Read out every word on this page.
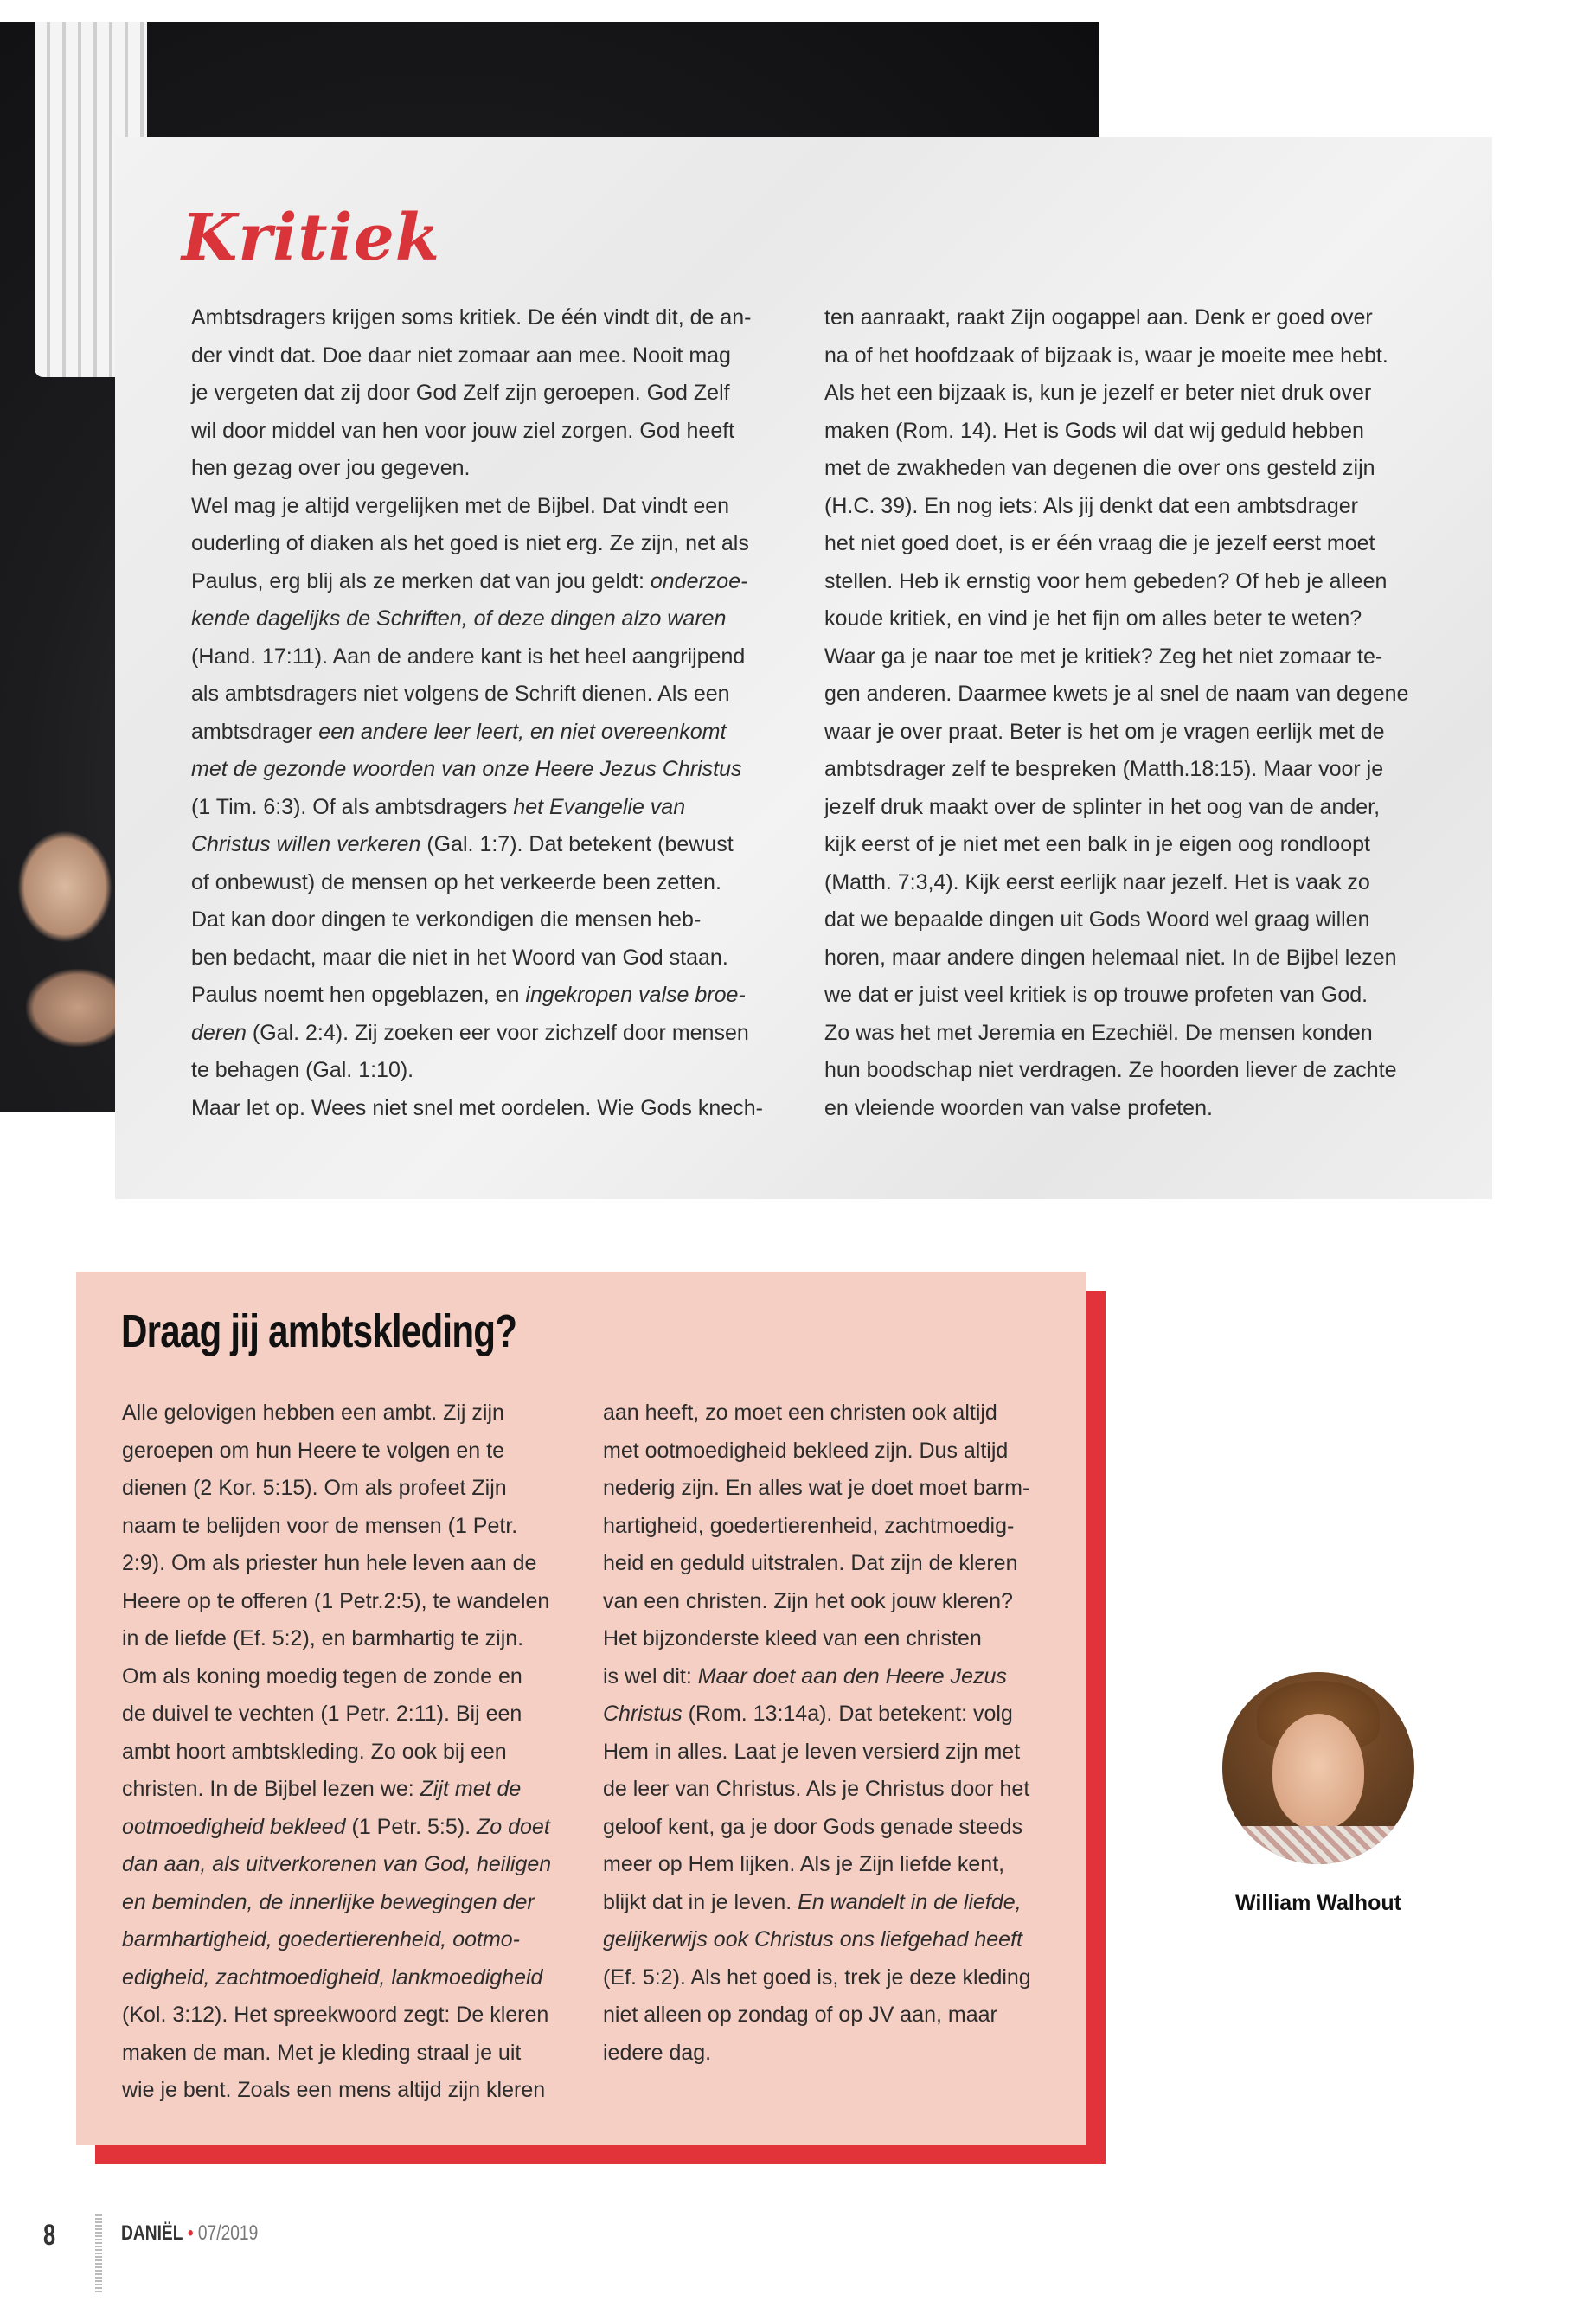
Kritiek

Ambtsdragers krijgen soms kritiek. De één vindt dit, de an-

der vindt dat. Doe daar niet zomaar aan mee. Nooit mag

je vergeten dat zij door God Zelf zijn geroepen. God Zelf

wil door middel van hen voor jouw ziel zorgen. God heeft

hen gezag over jou gegeven.

Wel mag je altijd vergelijken met de Bijbel. Dat vindt een

ouderling of diaken als het goed is niet erg. Ze zijn, net als

Paulus, erg blij als ze merken dat van jou geldt: onderzoe-

kende dagelijks de Schriften, of deze dingen alzo waren

(Hand. 17:11). Aan de andere kant is het heel aangrijpend

als ambtsdragers niet volgens de Schrift dienen. Als een

ambtsdrager een andere leer leert, en niet overeenkomt

met de gezonde woorden van onze Heere Jezus Christus

(1 Tim. 6:3). Of als ambtsdragers het Evangelie van

Christus willen verkeren (Gal. 1:7). Dat betekent (bewust

of onbewust) de mensen op het verkeerde been zetten.

Dat kan door dingen te verkondigen die mensen heb-

ben bedacht, maar die niet in het Woord van God staan.

Paulus noemt hen opgeblazen, en ingekropen valse broe-

deren (Gal. 2:4). Zij zoeken eer voor zichzelf door mensen

te behagen (Gal. 1:10).

Maar let op. Wees niet snel met oordelen. Wie Gods knech-

ten aanraakt, raakt Zijn oogappel aan. Denk er goed over

na of het hoofdzaak of bijzaak is, waar je moeite mee hebt.

Als het een bijzaak is, kun je jezelf er beter niet druk over

maken (Rom. 14). Het is Gods wil dat wij geduld hebben

met de zwakheden van degenen die over ons gesteld zijn

(H.C. 39). En nog iets: Als jij denkt dat een ambtsdrager

het niet goed doet, is er één vraag die je jezelf eerst moet

stellen. Heb ik ernstig voor hem gebeden? Of heb je alleen

koude kritiek, en vind je het fijn om alles beter te weten?

Waar ga je naar toe met je kritiek? Zeg het niet zomaar te-

gen anderen. Daarmee kwets je al snel de naam van degene

waar je over praat. Beter is het om je vragen eerlijk met de

ambtsdrager zelf te bespreken (Matth.18:15). Maar voor je

jezelf druk maakt over de splinter in het oog van de ander,

kijk eerst of je niet met een balk in je eigen oog rondloopt

(Matth. 7:3,4). Kijk eerst eerlijk naar jezelf. Het is vaak zo

dat we bepaalde dingen uit Gods Woord wel graag willen

horen, maar andere dingen helemaal niet. In de Bijbel lezen

we dat er juist veel kritiek is op trouwe profeten van God.

Zo was het met Jeremia en Ezechiël. De mensen konden

hun boodschap niet verdragen. Ze hoorden liever de zachte

en vleiende woorden van valse profeten.

Draag jij ambtskleding?

Alle gelovigen hebben een ambt. Zij zijn

geroepen om hun Heere te volgen en te

dienen (2 Kor. 5:15). Om als profeet Zijn

naam te belijden voor de mensen (1 Petr.

2:9). Om als priester hun hele leven aan de

Heere op te offeren (1 Petr.2:5), te wandelen

in de liefde (Ef. 5:2), en barmhartig te zijn.

Om als koning moedig tegen de zonde en

de duivel te vechten (1 Petr. 2:11). Bij een

ambt hoort ambtskleding. Zo ook bij een

christen. In de Bijbel lezen we: Zijt met de

ootmoedigheid bekleed (1 Petr. 5:5). Zo doet

dan aan, als uitverkorenen van God, heiligen

en beminden, de innerlijke bewegingen der

barmhartigheid, goedertierenheid, ootmo-

edigheid, zachtmoedigheid, lankmoedigheid

(Kol. 3:12). Het spreekwoord zegt: De kleren

maken de man. Met je kleding straal je uit

wie je bent. Zoals een mens altijd zijn kleren

aan heeft, zo moet een christen ook altijd

met ootmoedigheid bekleed zijn. Dus altijd

nederig zijn. En alles wat je doet moet barm-

hartigheid, goedertierenheid, zachtmoedig-

heid en geduld uitstralen. Dat zijn de kleren

van een christen. Zijn het ook jouw kleren?

Het bijzonderste kleed van een christen

is wel dit: Maar doet aan den Heere Jezus

Christus (Rom. 13:14a). Dat betekent: volg

Hem in alles. Laat je leven versierd zijn met

de leer van Christus. Als je Christus door het

geloof kent, ga je door Gods genade steeds

meer op Hem lijken. Als je Zijn liefde kent,

blijkt dat in je leven. En wandelt in de liefde,

gelijkerwijs ook Christus ons liefgehad heeft

(Ef. 5:2). Als het goed is, trek je deze kleding

niet alleen op zondag of op JV aan, maar

iedere dag.

William Walhout
8	DANIËL • 07/2019
